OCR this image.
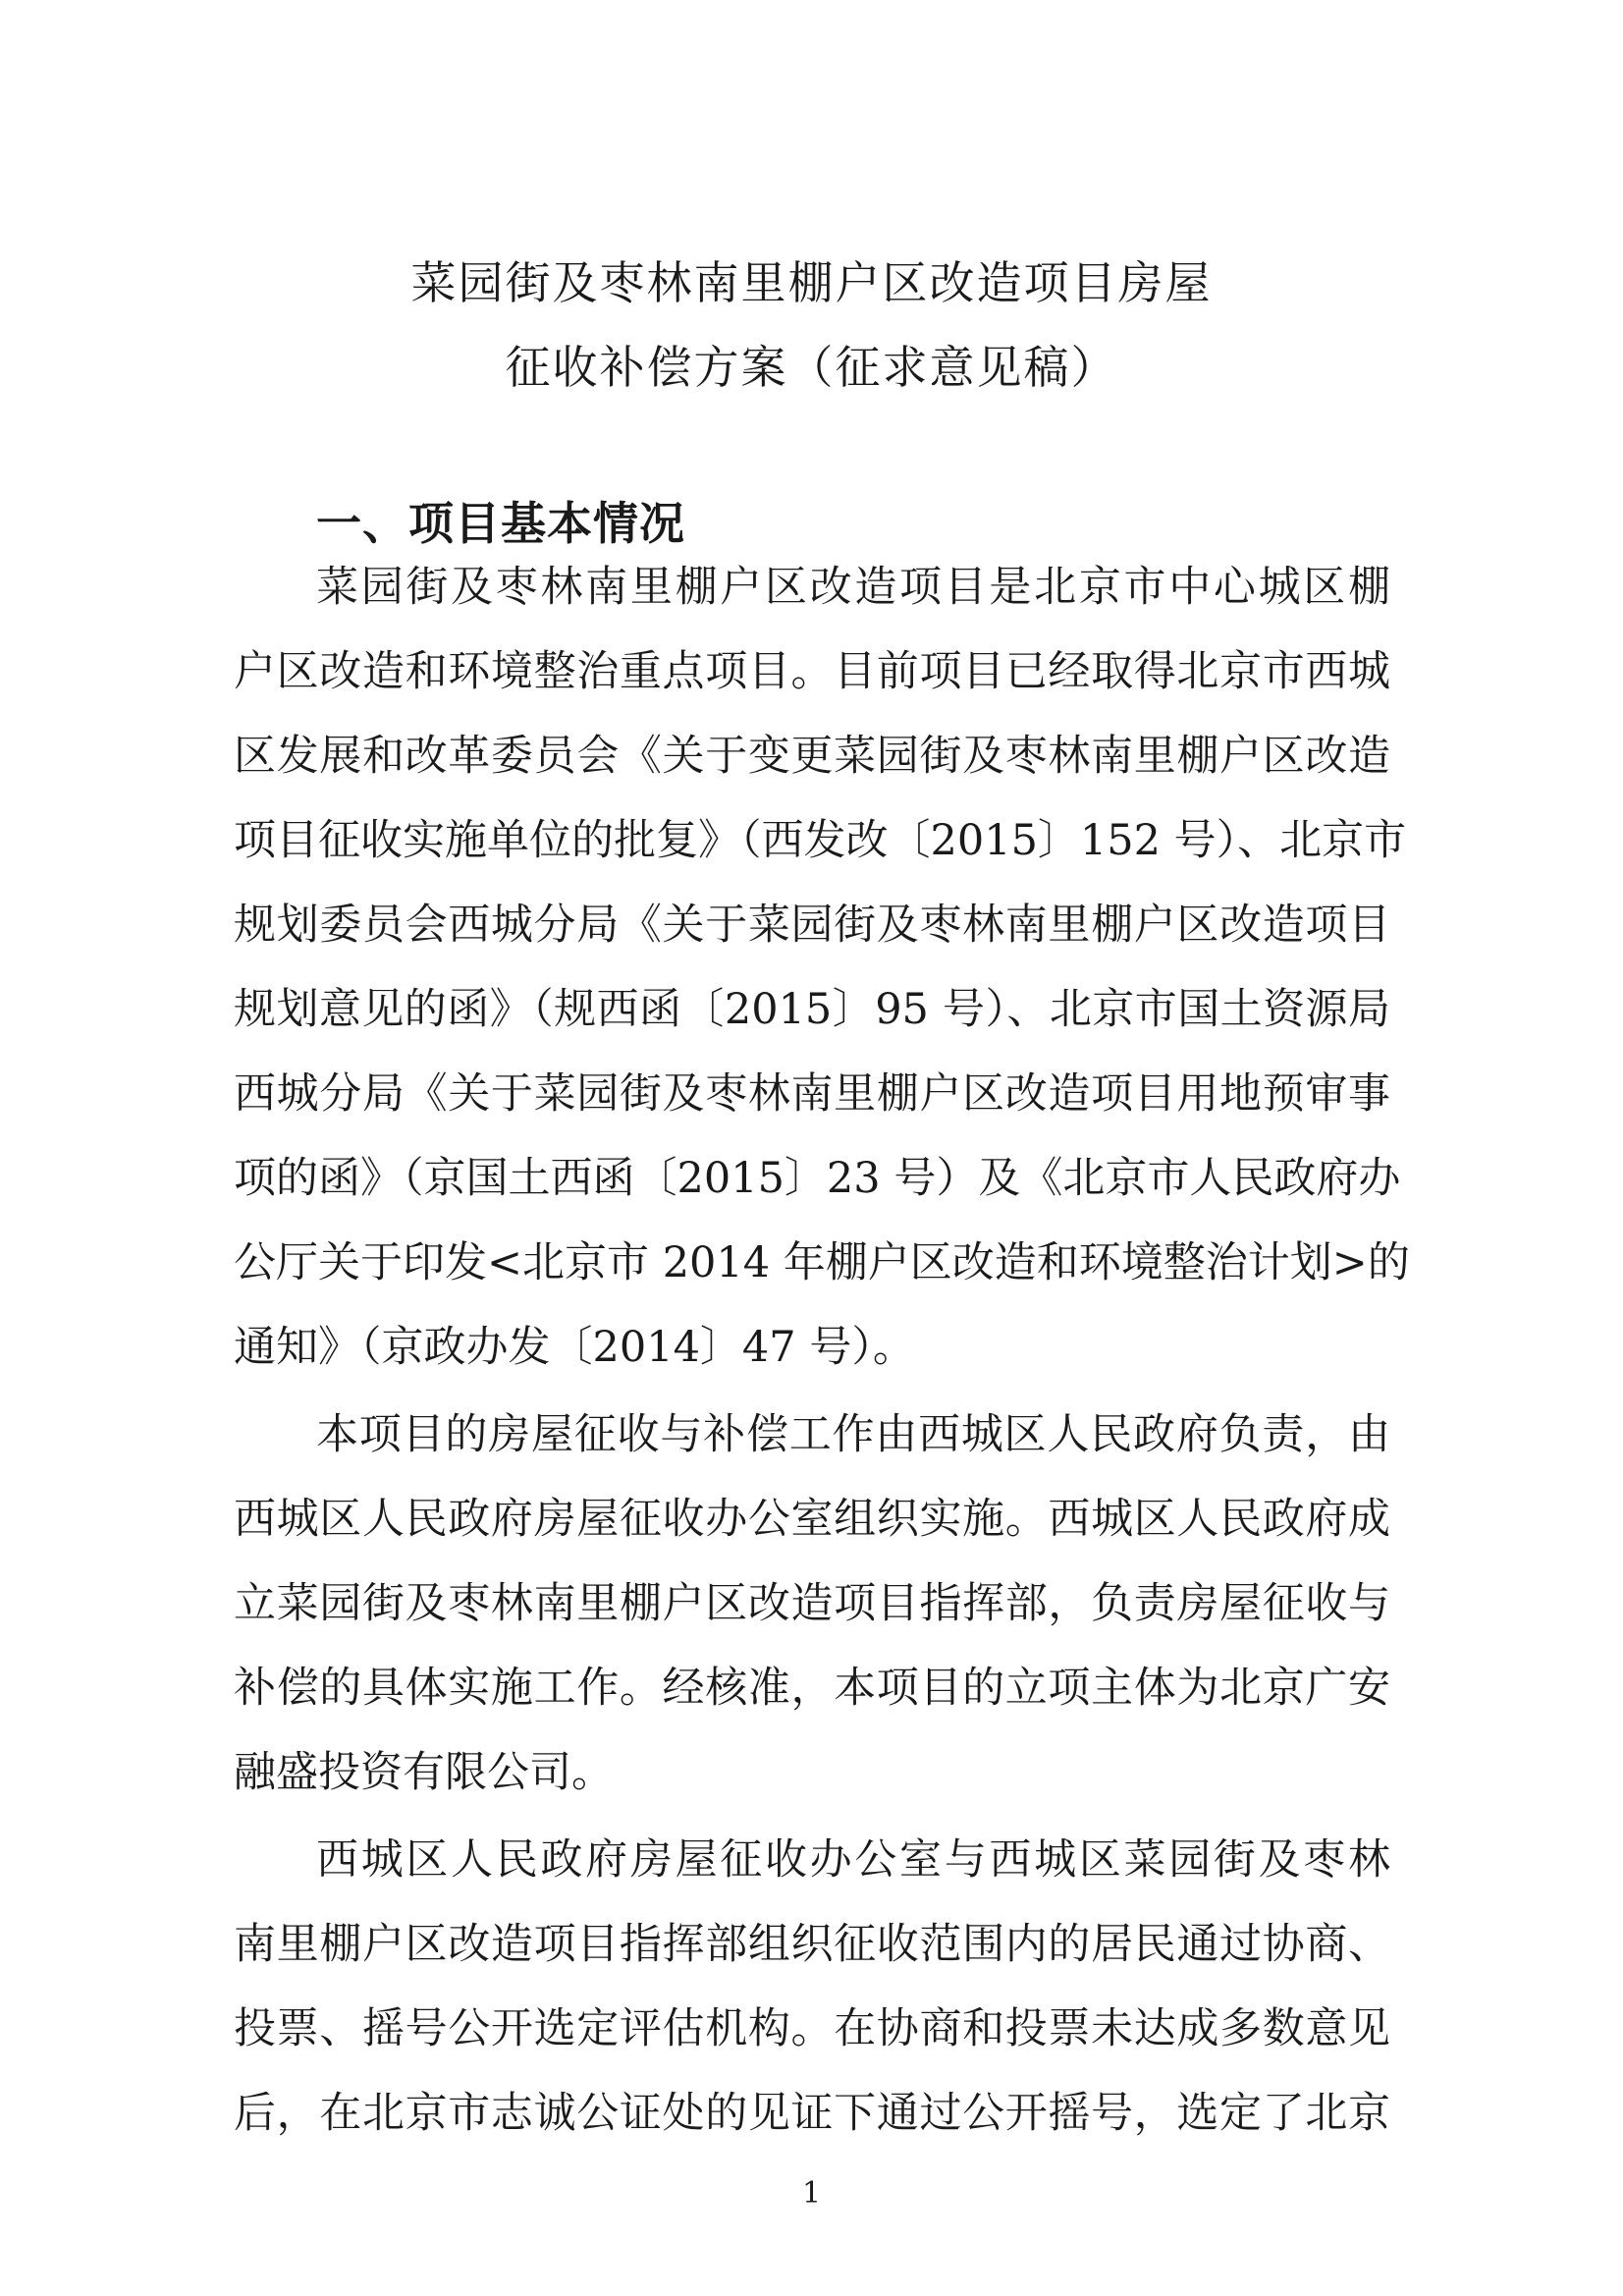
菜园街及枣林南里棚户区改造项目房屋
征收补偿方案（征求意见稿）
一、项目基本情况
菜园街及枣林南里棚户区改造项目是北京市中心城区棚
户区改造和环境整治重点项目。目前项目已经取得北京市西城
区发展和改革委员会《关于变更菜园街及枣林南里棚户区改造
项目征收实施单位的批复》（西发改〔2015〕152 号）、北京市
规划委员会西城分局《关于菜园街及枣林南里棚户区改造项目
规划意见的函》（规西函〔2015〕95 号）、北京市国土资源局
西城分局《关于菜园街及枣林南里棚户区改造项目用地预审事
项的函》（京国土西函〔2015〕23 号）及《北京市人民政府办
公厅关于印发<北京市 2014 年棚户区改造和环境整治计划>的
通知》（京政办发〔2014〕47 号）。
本项目的房屋征收与补偿工作由西城区人民政府负责，由
西城区人民政府房屋征收办公室组织实施。西城区人民政府成
立菜园街及枣林南里棚户区改造项目指挥部，负责房屋征收与
补偿的具体实施工作。经核准，本项目的立项主体为北京广安
融盛投资有限公司。
西城区人民政府房屋征收办公室与西城区菜园街及枣林
南里棚户区改造项目指挥部组织征收范围内的居民通过协商、
投票、摇号公开选定评估机构。在协商和投票未达成多数意见
后，在北京市志诚公证处的见证下通过公开摇号，选定了北京
1
